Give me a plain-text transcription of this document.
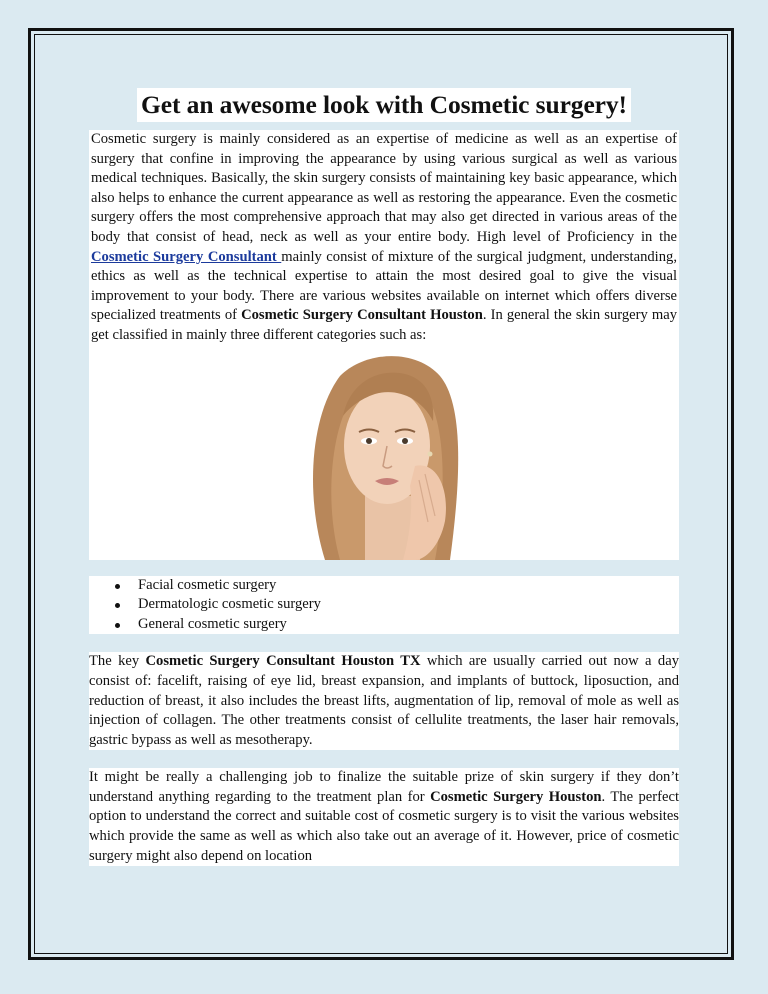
Get an awesome look with Cosmetic surgery!

Cosmetic surgery is mainly considered as an expertise of medicine as well as an expertise of surgery that confine in improving the appearance by using various surgical as well as various medical techniques. Basically, the skin surgery consists of maintaining key basic appearance, which also helps to enhance the current appearance as well as restoring the appearance. Even the cosmetic surgery offers the most comprehensive approach that may also get directed in various areas of the body that consist of head, neck as well as your entire body. High level of Proficiency in the Cosmetic Surgery Consultant mainly consist of mixture of the surgical judgment, understanding, ethics as well as the technical expertise to attain the most desired goal to give the visual improvement to your body. There are various websites available on internet which offers diverse specialized treatments of Cosmetic Surgery Consultant Houston. In general the skin surgery may get classified in mainly three different categories such as:

Facial cosmetic surgery
Dermatologic cosmetic surgery
General cosmetic surgery

The key Cosmetic Surgery Consultant Houston TX which are usually carried out now a day consist of: facelift, raising of eye lid, breast expansion, and implants of buttock, liposuction, and reduction of breast, it also includes the breast lifts, augmentation of lip, removal of mole as well as injection of collagen. The other treatments consist of cellulite treatments, the laser hair removals, gastric bypass as well as mesotherapy.

It might be really a challenging job to finalize the suitable prize of skin surgery if they don’t understand anything regarding to the treatment plan for Cosmetic Surgery Houston. The perfect option to understand the correct and suitable cost of cosmetic surgery is to visit the various websites which provide the same as well as which also take out an average of it. However, price of cosmetic surgery might also depend on location
